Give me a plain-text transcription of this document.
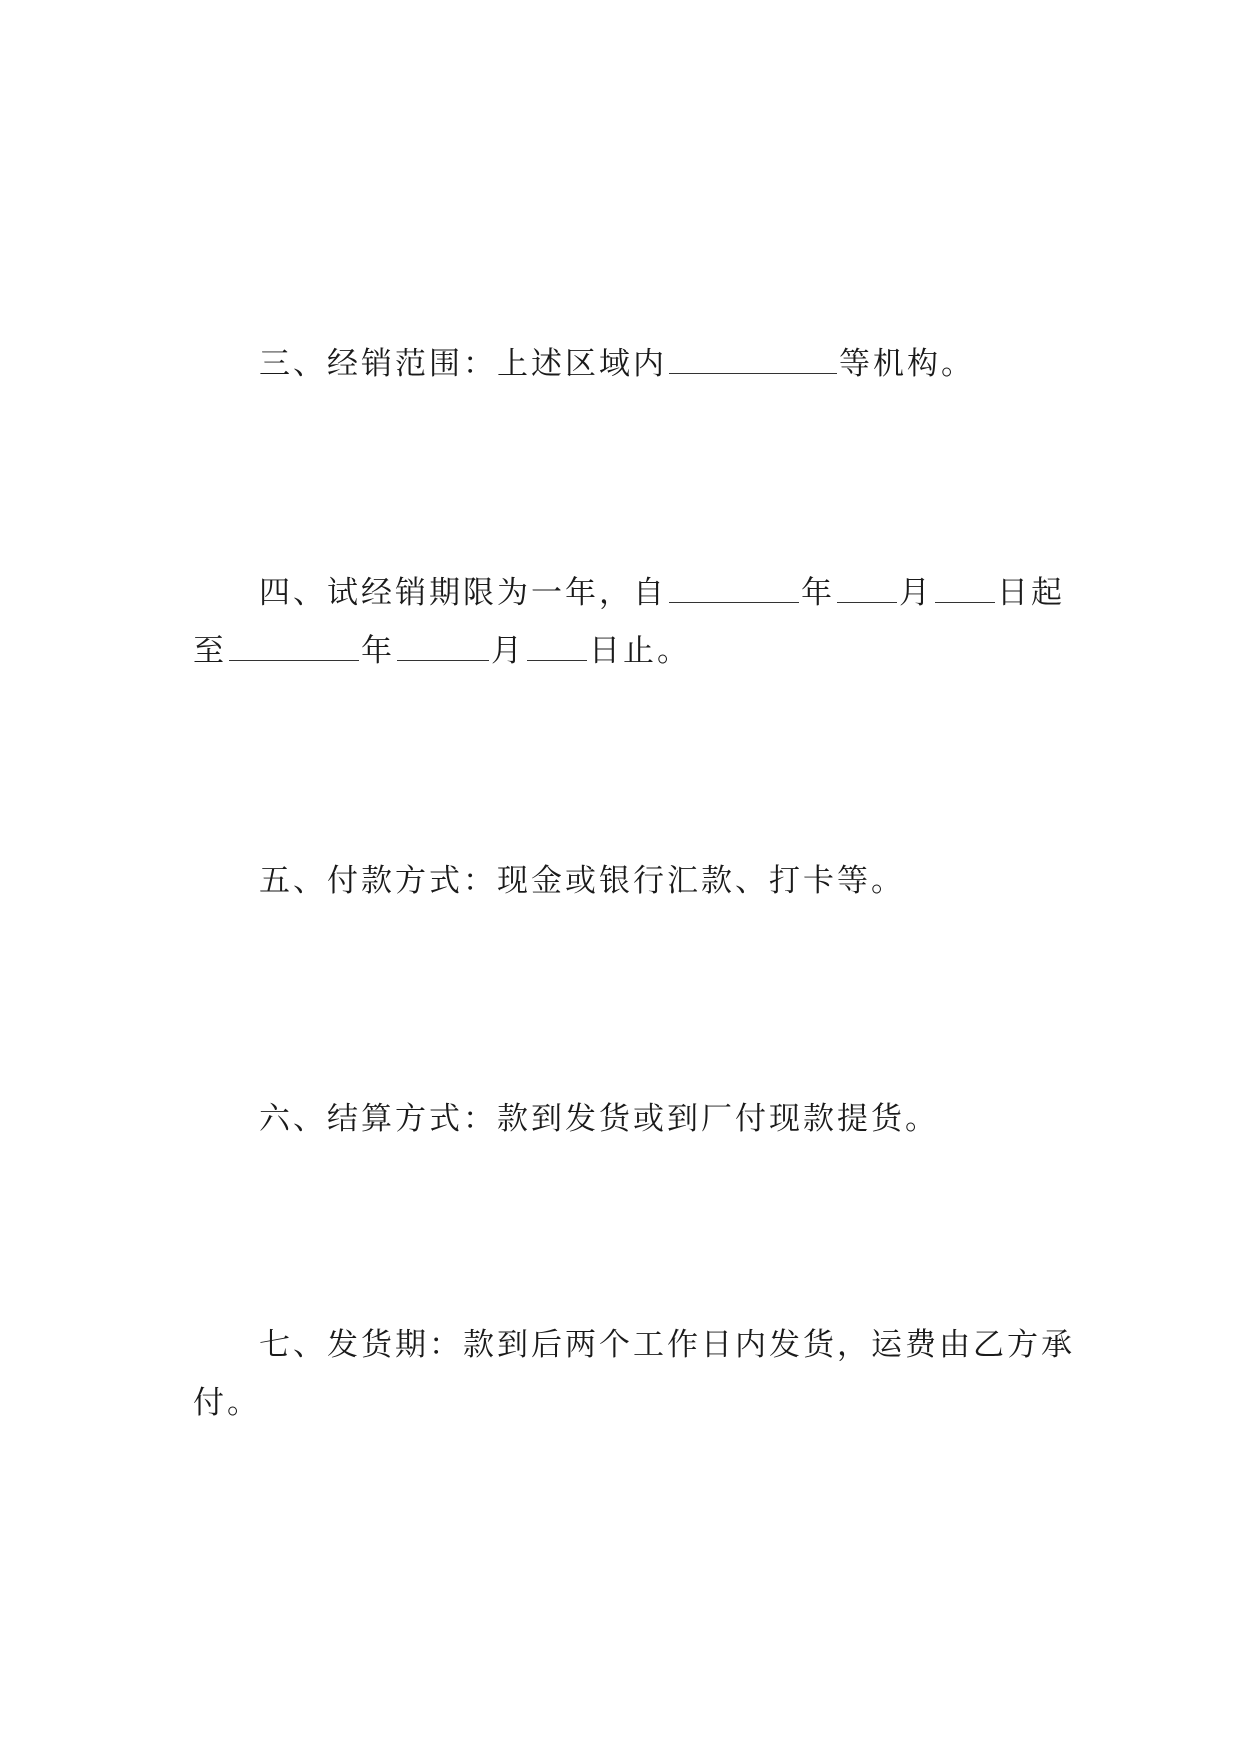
三、经销范围：上述区域内	等机构。

四、试经销期限为一年，自	年 月 日起
至	年	月 日止。

五、付款方式：现金或银行汇款、打卡等。

六、结算方式：款到发货或到厂付现款提货。

七、发货期：款到后两个工作日内发货，运费由乙方承
付。
